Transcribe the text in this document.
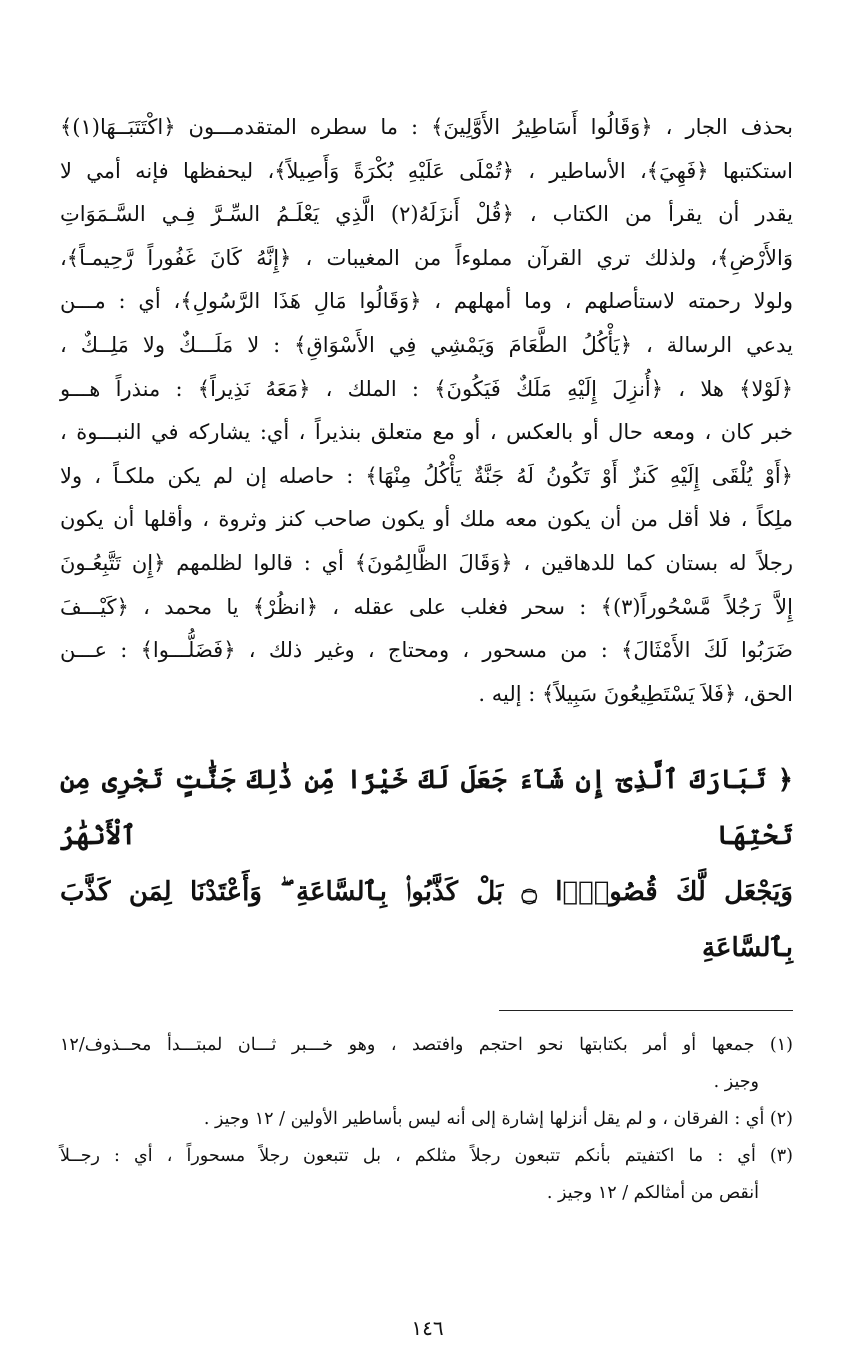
بحذف الجار ، ﴿وَقَالُوا أَسَاطِيرُ الأَوَّلِينَ﴾ : ما سطره المتقدمـــون ﴿اكْتَتَبَــهَا(١)﴾

استكتبها ﴿فَهِيَ﴾، الأساطير ، ﴿تُمْلَى عَلَيْهِ بُكْرَةً وَأَصِيلاً﴾، ليحفظها فإنه أمي لا

يقدر أن يقرأ من الكتاب ، ﴿قُلْ أَنزَلَهُ(٢) الَّذِي يَعْلَـمُ السِّـرَّ فِـي السَّـمَوَاتِ

وَالأَرْضِ﴾، ولذلك تري القرآن مملوءاً من المغيبات ، ﴿إِنَّهُ كَانَ غَفُوراً رَّحِيمـاً﴾،

ولولا رحمته لاستأصلهم ، وما أمهلهم ، ﴿وَقَالُوا مَالِ هَذَا الرَّسُولِ﴾، أي : مـــن

يدعي الرسالة ، ﴿يَأْكُلُ الطَّعَامَ وَيَمْشِي فِي الأَسْوَاقِ﴾ : لا مَلَـــكٌ ولا مَلِــكٌ ،

﴿لَوْلا﴾ هلا ، ﴿أُنزِلَ إِلَيْهِ مَلَكٌ فَيَكُونَ﴾ : الملك ، ﴿مَعَهُ نَذِيراً﴾ : منذراً هـــو

خبر كان ، ومعه حال أو بالعكس ، أو مع متعلق بنذيراً ، أي: يشاركه في النبـــوة ،

﴿أَوْ يُلْقَى إِلَيْهِ كَنزٌ أَوْ تَكُونُ لَهُ جَنَّةٌ يَأْكُلُ مِنْهَا﴾ : حاصله إن لم يكن ملكـاً ، ولا

ملِكاً ، فلا أقل من أن يكون معه ملك أو يكون صاحب كنز وثروة ، وأقلها أن يكون

رجلاً له بستان كما للدهاقين ، ﴿وَقَالَ الظَّالِمُونَ﴾ أي : قالوا لظلمهم ﴿إِن تَتَّبِعُـونَ

إِلاَّ رَجُلاً مَّسْحُوراً(٣)﴾ : سحر فغلب على عقله ، ﴿انظُرْ﴾ يا محمد ، ﴿كَيْـــفَ

ضَرَبُوا لَكَ الأَمْثَالَ﴾ : من مسحور ، ومحتاج ، وغير ذلك ، ﴿فَضَلُّـــوا﴾ : عـــن

الحق، ﴿فَلاَ يَسْتَطِيعُونَ سَبِيلاً﴾ : إليه .

﴿ تَبَارَكَ ٱلَّذِىٓ إِن شَآءَ جَعَلَ لَكَ خَيْرًا مِّن ذَٰلِكَ جَنَّٰتٍ تَجْرِى مِن تَحْتِهَا ٱلْأَنْهَٰرُ

وَيَجْعَل لَّكَ قُصُورًۢا ۝ بَلْ كَذَّبُوا۟ بِٱلسَّاعَةِ ۖ وَأَعْتَدْنَا لِمَن كَذَّبَ بِٱلسَّاعَةِ

(١) جمعها أو أمر بكتابتها نحو احتجم وافتصد ، وهو خـــبر ثـــان لمبتـــدأ محــذوف/١٢

وجيز .

(٢) أي : الفرقان ، و لم يقل أنزلها إشارة إلى أنه ليس بأساطير الأولين / ١٢ وجيز .

(٣) أي : ما اكتفيتم بأنكم تتبعون رجلاً مثلكم ، بل تتبعون رجلاً مسحوراً ، أي : رجــلاً

أنقص من أمثالكم / ١٢ وجيز .

١٤٦
